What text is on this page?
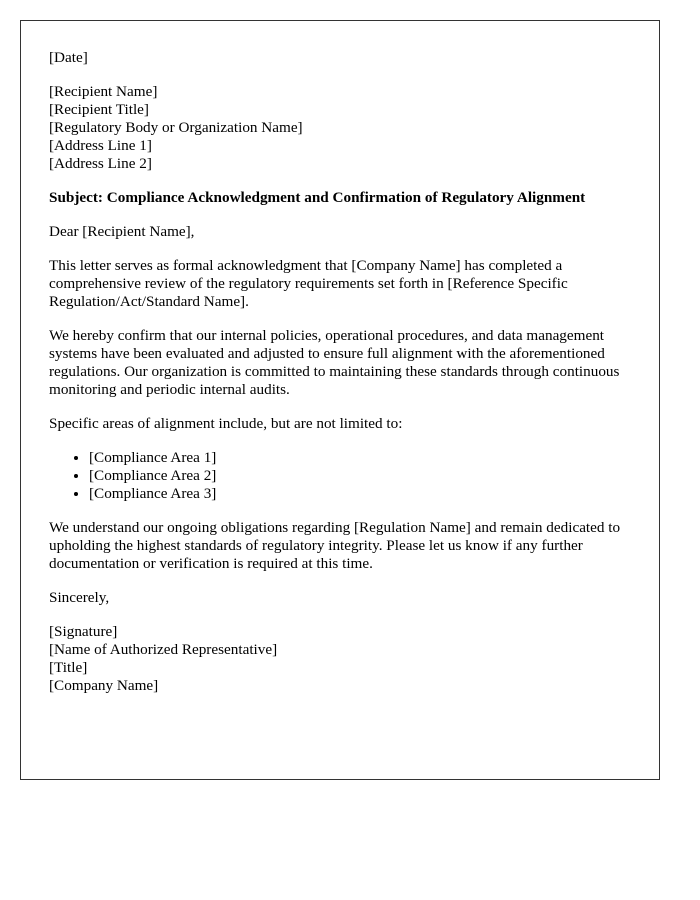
[Date]

[Recipient Name]
[Recipient Title]
[Regulatory Body or Organization Name]
[Address Line 1]
[Address Line 2]

Subject: Compliance Acknowledgment and Confirmation of Regulatory Alignment

Dear [Recipient Name],

This letter serves as formal acknowledgment that [Company Name] has completed a comprehensive review of the regulatory requirements set forth in [Reference Specific Regulation/Act/Standard Name].

We hereby confirm that our internal policies, operational procedures, and data management systems have been evaluated and adjusted to ensure full alignment with the aforementioned regulations. Our organization is committed to maintaining these standards through continuous monitoring and periodic internal audits.

Specific areas of alignment include, but are not limited to:

• [Compliance Area 1]
• [Compliance Area 2]
• [Compliance Area 3]

We understand our ongoing obligations regarding [Regulation Name] and remain dedicated to upholding the highest standards of regulatory integrity. Please let us know if any further documentation or verification is required at this time.

Sincerely,

[Signature]
[Name of Authorized Representative]
[Title]
[Company Name]
